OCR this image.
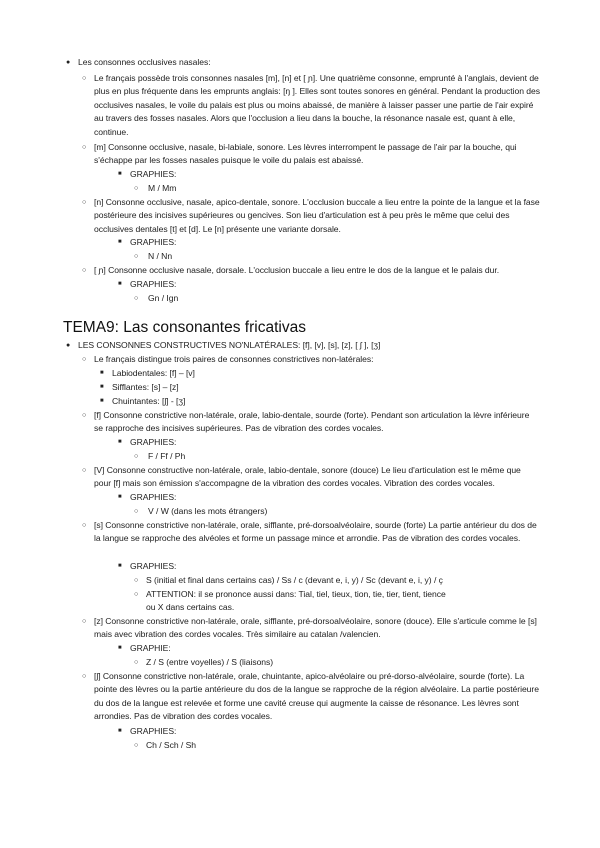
● Les consonnes occlusives nasales:
○ Le français possède trois consonnes nasales [m], [n] et [ ɲ]. Une quatrième consonne, emprunté à l'anglais, devient de plus en plus fréquente dans les emprunts anglais: [ŋ ]. Elles sont toutes sonores en général. Pendant la production des occlusives nasales, le voile du palais est plus ou moins abaissé, de manière à laisser passer une partie de l'air expiré au travers des fosses nasales. Alors que l'occlusion a lieu dans la bouche, la résonance nasale est, quant à elle, continue.
○ [m] Consonne occlusive, nasale, bi-labiale, sonore. Les lèvres interrompent le passage de l'air par la bouche, qui s'échappe par les fosses nasales puisque le voile du palais est abaissé.
■ GRAPHIES:
○ M / Mm
○ [n] Consonne occlusive, nasale, apico-dentale, sonore. L'occlusion buccale a lieu entre la pointe de la langue et la fase postérieure des incisives supérieures ou gencives. Son lieu d'articulation est à peu près le même que celui des occlusives dentales [t] et [d]. Le [n] présente une variante dorsale.
■ GRAPHIES:
○ N / Nn
○ [ ɲ] Consonne occlusive nasale, dorsale. L'occlusion buccale a lieu entre le dos de la langue et le palais dur.
■ GRAPHIES:
○ Gn / Ign
TEMA9: Las consonantes fricativas
● LES CONSONNES CONSTRUCTIVES NO'NLATÉRALES: [f], [v], [s], [z], [ ʃ ], [ʒ]
○ Le français distingue trois paires de consonnes constrictives non-latérales:
■ Labiodentales: [f] – [v]
■ Sifflantes: [s] – [z]
■ Chuintantes: [ʃ] - [ʒ]
○ [f] Consonne constrictive non-latérale, orale, labio-dentale, sourde (forte). Pendant son articulation la lèvre inférieure se rapproche des incisives supérieures. Pas de vibration des cordes vocales.
■ GRAPHIES:
○ F / Ff / Ph
○ [V] Consonne constructive non-latérale, orale, labio-dentale, sonore (douce) Le lieu d'articulation est le même que pour [f] mais son émission s'accompagne de la vibration des cordes vocales. Vibration des cordes vocales.
■ GRAPHIES:
○ V / W (dans les mots étrangers)
○ [s] Consonne constrictive non-latérale, orale, sifflante, pré-dorsoalvéolaire, sourde (forte) La partie antérieur du dos de la langue se rapproche des alvéoles et forme un passage mince et arrondie. Pas de vibration des cordes vocales.
■ GRAPHIES:
○ S (initial et final dans certains cas) / Ss / c (devant e, i, y) / Sc (devant e, i, y) / ç
○ ATTENTION: il se prononce aussi dans: Tial, tiel, tieux, tion, tie, tier, tient, tience ou X dans certains cas.
○ [z] Consonne constrictive non-latérale, orale, sifflante, pré-dorsoalvéolaire, sonore (douce). Elle s'articule comme le [s] mais avec vibration des cordes vocales. Très similaire au catalan /valencien.
■ GRAPHIE:
○ Z / S (entre voyelles) / S (liaisons)
○ [ʃ] Consonne constrictive non-latérale, orale, chuintante, apico-alvéolaire ou pré-dorso-alvéolaire, sourde (forte). La pointe des lèvres ou la partie antérieure du dos de la langue se rapproche de la région alvéolaire. La partie postérieure du dos de la langue est relevée et forme une cavité creuse qui augmente la caisse de résonance. Les lèvres sont arrondies. Pas de vibration des cordes vocales.
■ GRAPHIES:
○ Ch / Sch / Sh
